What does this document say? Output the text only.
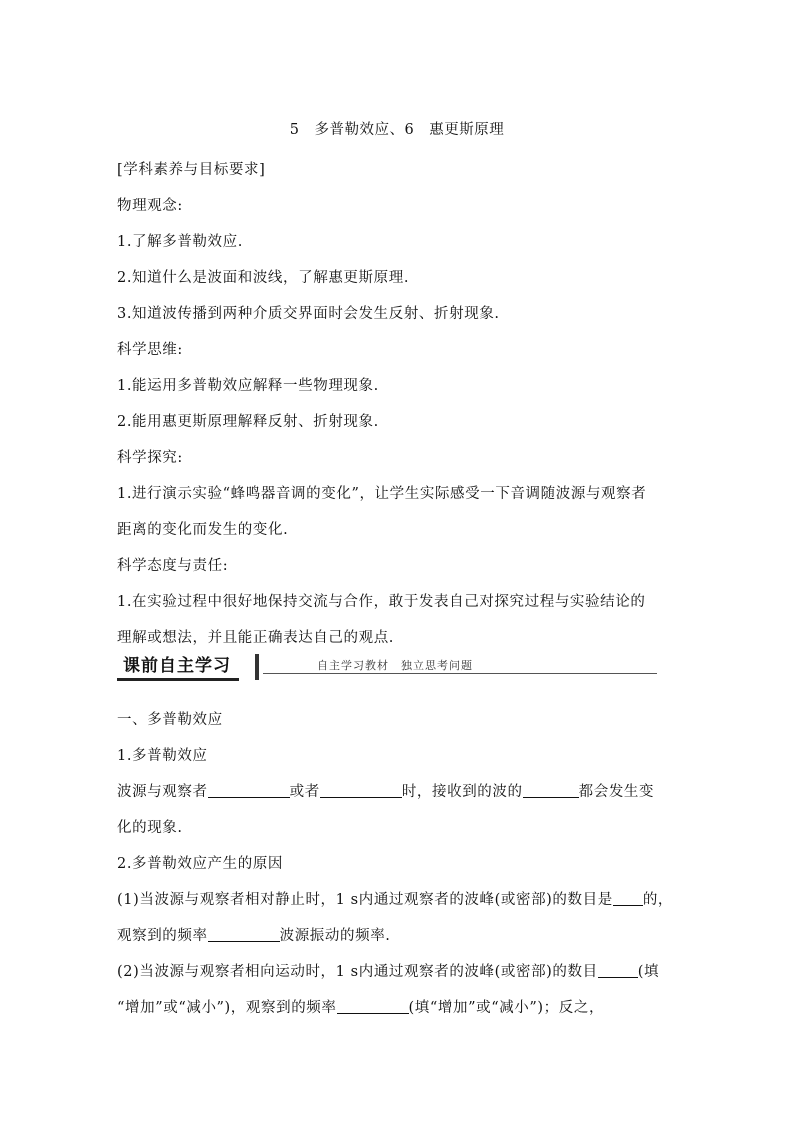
5　多普勒效应、6　惠更斯原理
[学科素养与目标要求]
物理观念:
1.了解多普勒效应.
2.知道什么是波面和波线，了解惠更斯原理.
3.知道波传播到两种介质交界面时会发生反射、折射现象.
科学思维:
1.能运用多普勒效应解释一些物理现象.
2.能用惠更斯原理解释反射、折射现象.
科学探究:
1.进行演示实验“蜂鸣器音调的变化”，让学生实际感受一下音调随波源与观察者
距离的变化而发生的变化.
科学态度与责任:
1.在实验过程中很好地保持交流与合作，敢于发表自己对探究过程与实验结论的
理解或想法，并且能正确表达自己的观点.
课前自主学习	自主学习教材　独立思考问题
一、多普勒效应
1.多普勒效应
波源与观察者	或者	时，接收到的波的	都会发生变
化的现象.
2.多普勒效应产生的原因
(1)当波源与观察者相对静止时，1 s内通过观察者的波峰(或密部)的数目是 的，
观察到的频率	波源振动的频率.
(2)当波源与观察者相向运动时，1 s内通过观察者的波峰(或密部)的数目	(填
“增加”或“减小”)，观察到的频率	(填“增加”或“减小”)；反之，
